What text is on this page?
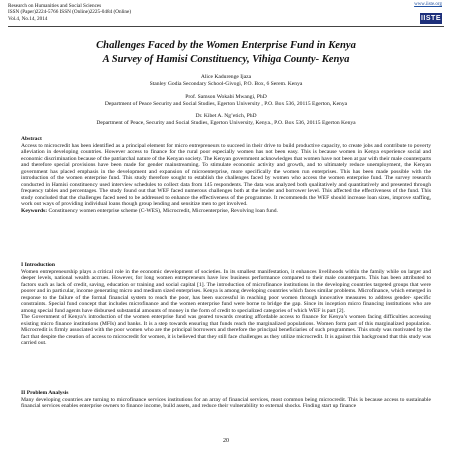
Research on Humanities and Social Sciences
ISSN (Paper)2224-5766 ISSN (Online)2225-0484 (Online)
Vol.4, No.14, 2014
www.iiste.org
IISTE
Challenges Faced by the Women Enterprise Fund in Kenya
A Survey of Hamisi Constituency, Vihiga County- Kenya
Alice Kadurenge Ijaza
Stanley Godia Secondary School-Givogi, P.O. Box, 6 Serem. Kenya
Prof. Samson Wokabi Mwangi, PhD
Department of Peace Security and Social Studies, Egerton University , P.O. Box 536, 20115 Egerton, Kenya
Dr. Kibet A. Ng’etich, PhD
Department of Peace, Security and Social Studies, Egerton University, Kenya., P.O. Box 536, 20115 Egerton Kenya
Abstract

Access to microcredit has been identified as a principal element for micro entrepreneurs to succeed in their drive to build productive capacity, to create jobs and contribute to poverty alleviation in developing countries. However access to finance for the rural poor especially women has not been easy. This is because women in Kenya experience social and economic discrimination because of the patriarchal nature of the Kenyan society. The Kenyan government acknowledges that women have not been at par with their male counterparts and therefore special provisions have been made for gender mainstreaming. To stimulate economic activity and growth, and to ultimately reduce unemployment, the Kenyan government has placed emphasis in the development and expansion of microenterprise, more specifically the women run enterprises. This has been made possible with the introduction of the women enterprise fund. This study therefore sought to establish the challenges faced by women who access the women enterprise fund. The survey research conducted in Hamisi constituency used interview schedules to collect data from 145 respondents. The data was analyzed both qualitatively and quantitatively and presented through frequency tables and percentages. The study found out that WEF faced numerous challenges both at the lender and borrower level. This affected the effectiveness of the fund. This study concluded that the challenges faced need to be addressed to enhance the effectiveness of the programme. It recommends the WEF should increase loan sizes, improve staffing, work out ways of providing individual loans though group lending and sensitize men to get involved.

Keywords: Constituency women enterprise scheme (C-WES), Microcredit, Microenterprise, Revolving loan fund.

I Introduction

Women entrepreneurship plays a critical role in the economic development of societies. In its smallest manifestation, it enhances livelihoods within the family while on larger and deeper levels, national wealth accrues. However, for long women entrepreneurs have low business performance compared to their male counterparts. This has been attributed to factors such as lack of credit, saving, education or training and social capital [1]. The introduction of microfinance institutions in the developing countries targeted groups that were poorer and in particular, income generating micro and medium sized enterprises. Kenya is among developing countries which faces similar problems. Microfinance, which emerged in response to the failure of the formal financial system to reach the poor, has been successful in reaching poor women through innovative measures to address gender- specific constraints. Special fund concept that includes microfinance and the women enterprise fund were borne to bridge the gap. Since its inception micro financing institutions who are among special fund agents have disbursed substantial amounts of money in the form of credit to specialized categories of which WEF is part [2].

The Government of Kenya’s introduction of the women enterprise fund was geared towards creating affordable access to finance for Kenya’s women facing difficulties accessing existing micro finance institutions (MFIs) and banks. It is a step towards ensuring that funds reach the marginalized populations. Women form part of this marginalized population. Microcredit is firmly associated with the poor women who are the principal borrowers and therefore the principal beneficiaries of such programmes. This study was motivated by the fact that despite the creation of access to microcredit for women, it is believed that they still face challenges as they utilize microcredit. It is against this background that this study was carried out.

II Problem Analysis

Many developing countries are turning to microfinance services institutions for an array of financial services, most common being microcredit. This is because access to sustainable financial services enables enterprise owners to finance income, build assets, and reduce their vulnerability to external shocks. Finding start up finance

20
